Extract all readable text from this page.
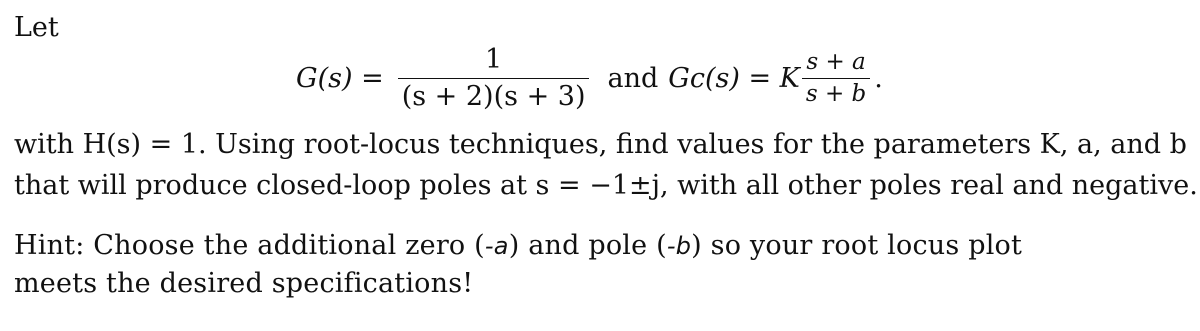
Let
$G(s) = \frac{1}{(s + 2)(s + 3)}$ and Gc(s) = K $\frac{s + a}{s + b}$ .
with H(s) = 1. Using root-locus techniques, find values for the parameters K, a, and b
that will produce closed-loop poles at s = −1±j, with all other poles real and negative.
Hint: Choose the additional zero (-a) and pole (-b) so your root locus plot
meets the desired specifications!
